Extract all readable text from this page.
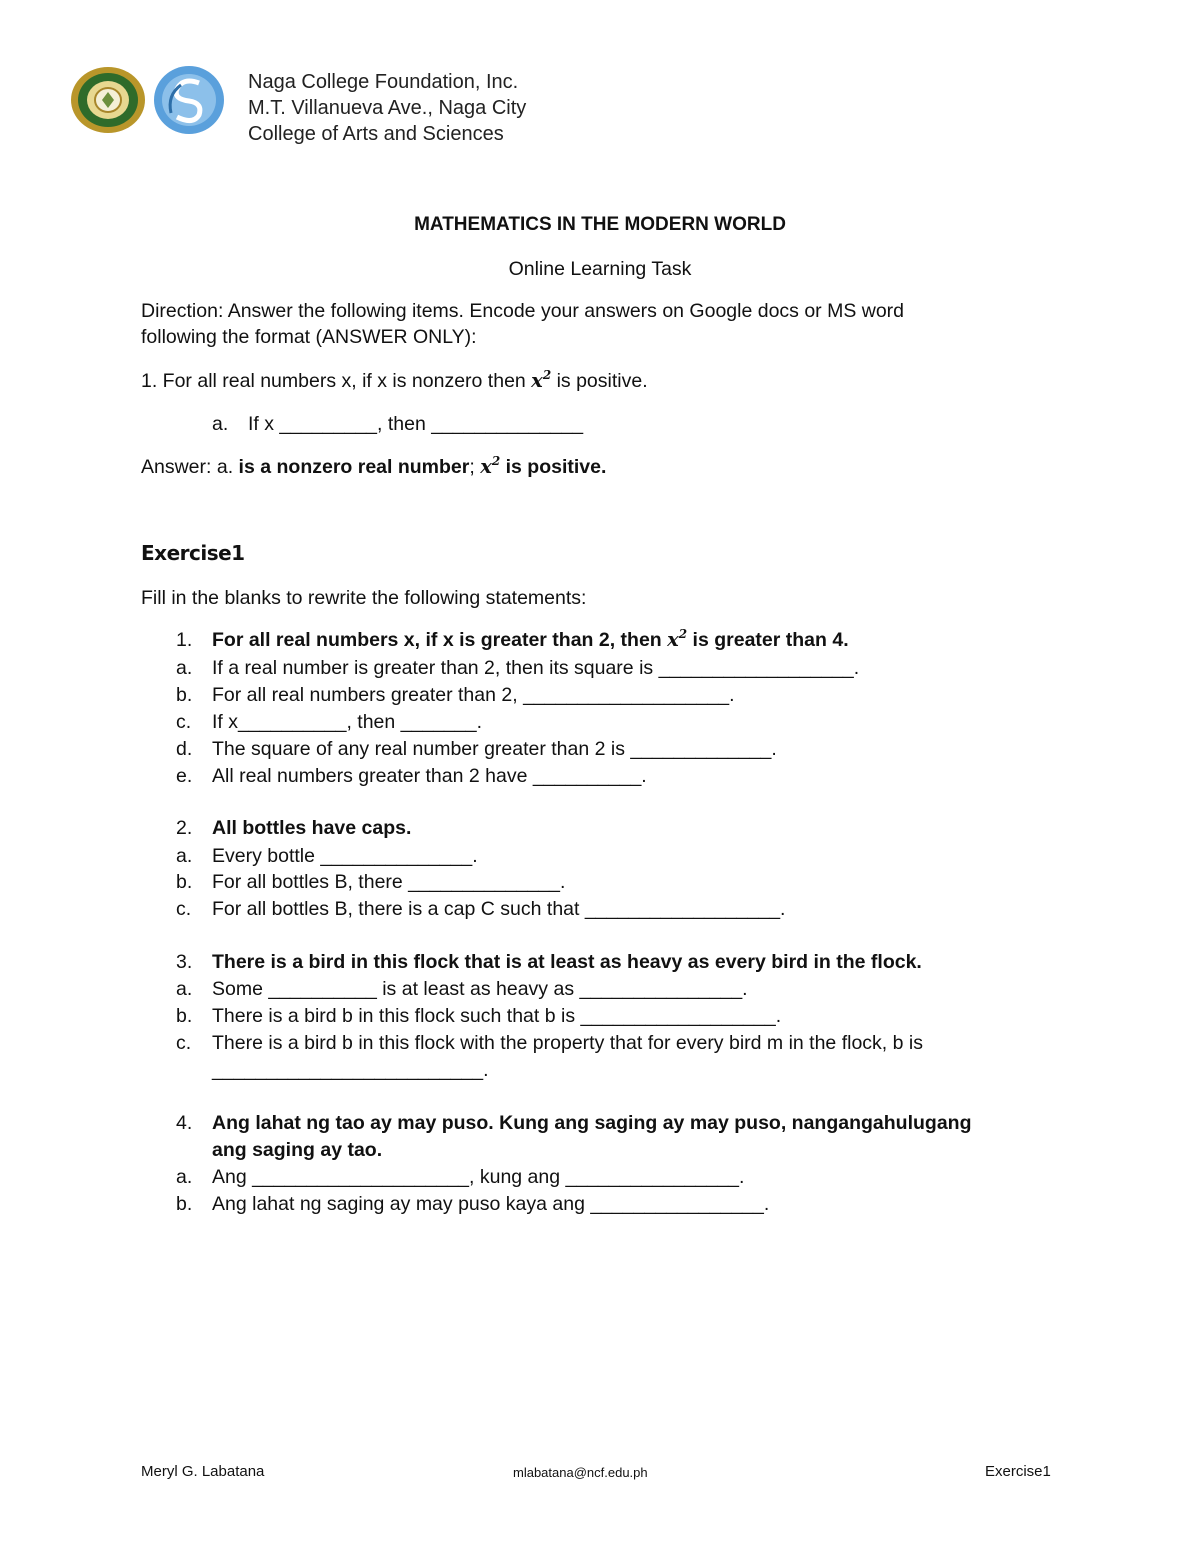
Naga College Foundation, Inc.
M.T. Villanueva Ave., Naga City
College of Arts and Sciences
MATHEMATICS IN THE MODERN WORLD
Online Learning Task
Direction: Answer the following items. Encode your answers on Google docs or MS word
following the format (ANSWER ONLY):
1. For all real numbers x, if x is nonzero then $x^2$ is positive.
a. If x _________, then ______________
Answer: a. is a nonzero real number; $x^2$ is positive.
Exercise1
Fill in the blanks to rewrite the following statements:
1. For all real numbers x, if x is greater than 2, then $x^2$ is greater than 4.
a. If a real number is greater than 2, then its square is __________________.
b. For all real numbers greater than 2, ___________________.
c. If x__________, then _______.
d. The square of any real number greater than 2 is _____________.
e. All real numbers greater than 2 have __________.
2. All bottles have caps.
a. Every bottle ______________.
b. For all bottles B, there ______________.
c. For all bottles B, there is a cap C such that __________________.
3. There is a bird in this flock that is at least as heavy as every bird in the flock.
a. Some __________ is at least as heavy as _______________.
b. There is a bird b in this flock such that b is __________________.
c. There is a bird b in this flock with the property that for every bird m in the flock, b is
_________________________.
4. Ang lahat ng tao ay may puso. Kung ang saging ay may puso, nangangahulugang
ang saging ay tao.
a. Ang ____________________, kung ang ________________.
b. Ang lahat ng saging ay may puso kaya ang ________________.
Meryl G. Labatana	mlabatana@ncf.edu.ph	Exercise1
